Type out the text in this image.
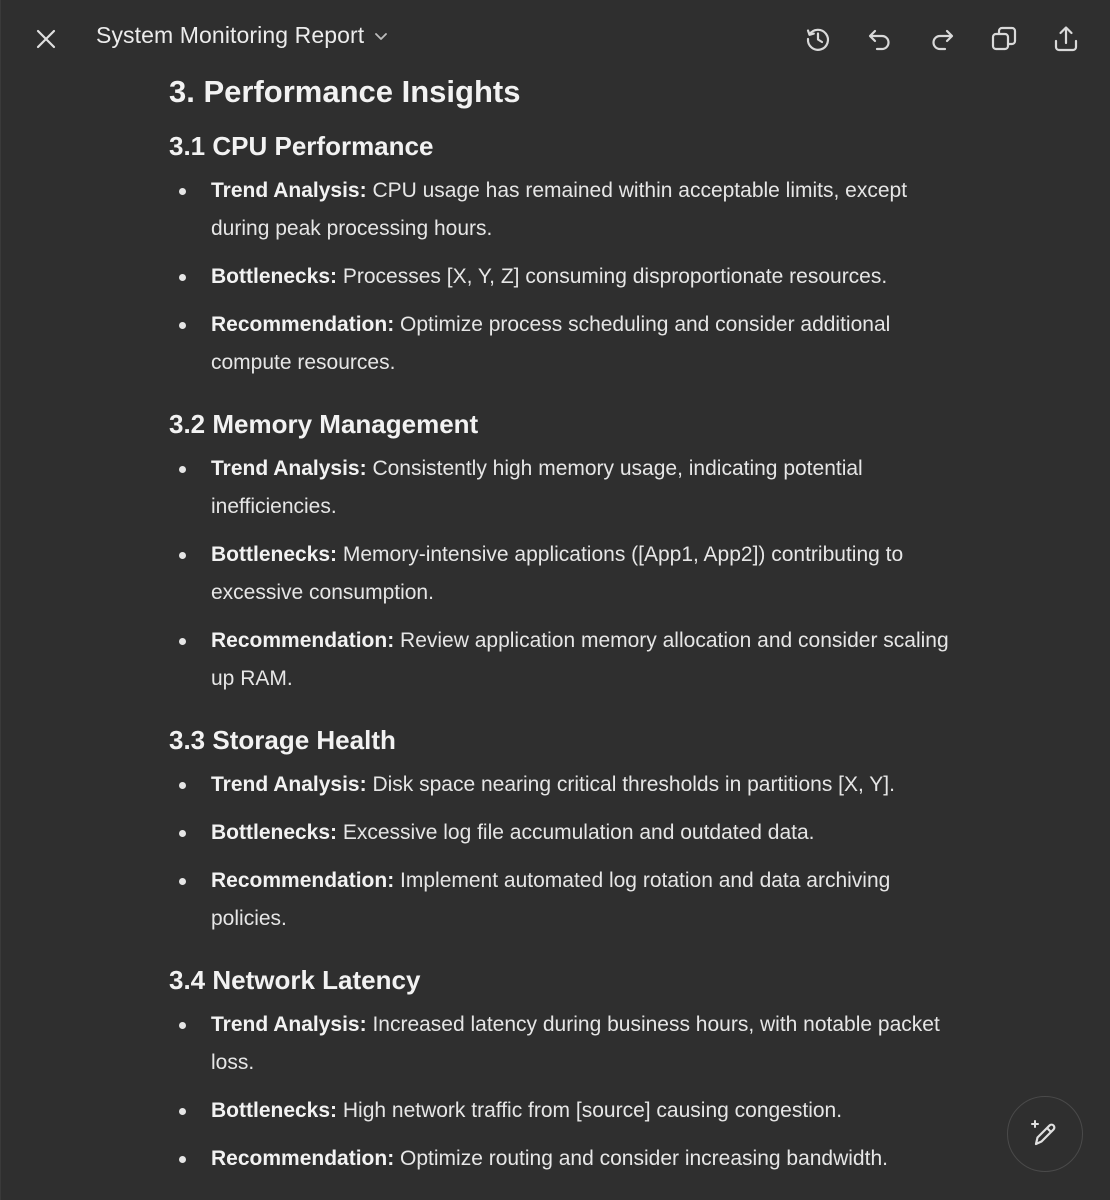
System Monitoring Report
3. Performance Insights
3.1 CPU Performance
Trend Analysis: CPU usage has remained within acceptable limits, except during peak processing hours.
Bottlenecks: Processes [X, Y, Z] consuming disproportionate resources.
Recommendation: Optimize process scheduling and consider additional compute resources.
3.2 Memory Management
Trend Analysis: Consistently high memory usage, indicating potential inefficiencies.
Bottlenecks: Memory-intensive applications ([App1, App2]) contributing to excessive consumption.
Recommendation: Review application memory allocation and consider scaling up RAM.
3.3 Storage Health
Trend Analysis: Disk space nearing critical thresholds in partitions [X, Y].
Bottlenecks: Excessive log file accumulation and outdated data.
Recommendation: Implement automated log rotation and data archiving policies.
3.4 Network Latency
Trend Analysis: Increased latency during business hours, with notable packet loss.
Bottlenecks: High network traffic from [source] causing congestion.
Recommendation: Optimize routing and consider increasing bandwidth.
